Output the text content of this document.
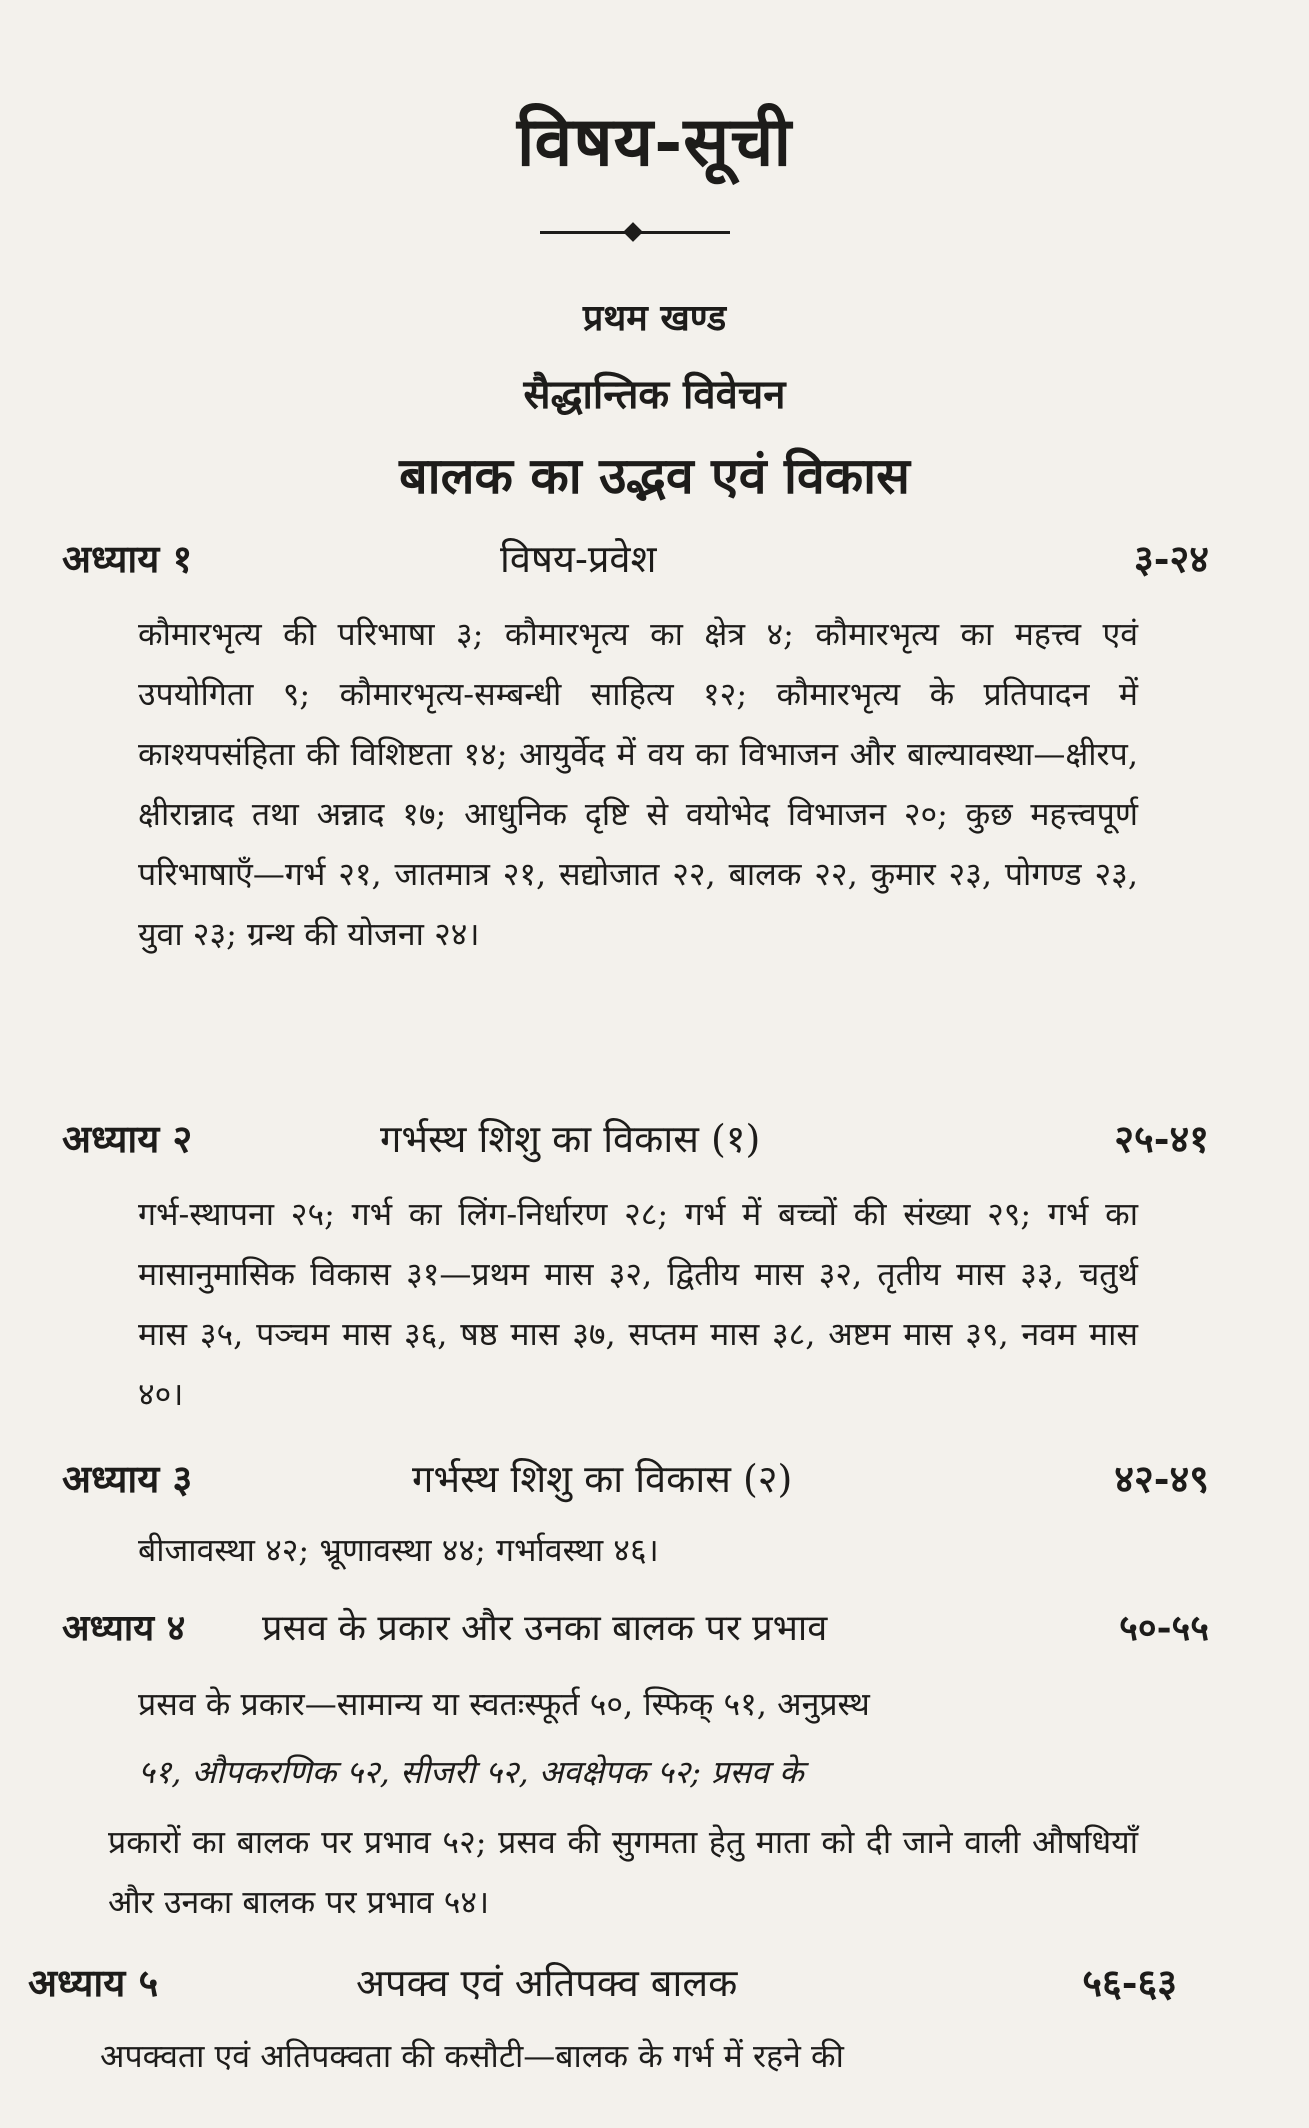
विषय-सूची
प्रथम खण्ड
सैद्धान्तिक विवेचन
बालक का उद्भव एवं विकास
अध्याय १	विषय-प्रवेश	३-२४
कौमारभृत्य की परिभाषा ३; कौमारभृत्य का क्षेत्र ४; कौमारभृत्य का महत्त्व एवं उपयोगिता ९; कौमारभृत्य-सम्बन्धी साहित्य १२; कौमारभृत्य के प्रतिपादन में काश्यपसंहिता की विशिष्टता १४; आयुर्वेद में वय का विभाजन और बाल्यावस्था—क्षीरप, क्षीरान्नाद तथा अन्नाद १७; आधुनिक दृष्टि से वयोभेद विभाजन २०; कुछ महत्त्वपूर्ण परिभाषाएँ—गर्भ २१, जातमात्र २१, सद्योजात २२, बालक २२, कुमार २३, पोगण्ड २३, युवा २३; ग्रन्थ की योजना २४।
अध्याय २	गर्भस्थ शिशु का विकास (१)	२५-४१
गर्भ-स्थापना २५; गर्भ का लिंग-निर्धारण २८; गर्भ में बच्चों की संख्या २९; गर्भ का मासानुमासिक विकास ३१—प्रथम मास ३२, द्वितीय मास ३२, तृतीय मास ३३, चतुर्थ मास ३५, पञ्चम मास ३६, षष्ठ मास ३७, सप्तम मास ३८, अष्टम मास ३९, नवम मास ४०।
अध्याय ३	गर्भस्थ शिशु का विकास (२)	४२-४९
बीजावस्था ४२; भ्रूणावस्था ४४; गर्भावस्था ४६।
अध्याय ४ प्रसव के प्रकार और उनका बालक पर प्रभाव	५०-५५
प्रसव के प्रकार—सामान्य या स्वतःस्फूर्त ५०, स्फिक् ५१, अनुप्रस्थ
५१, औपकरणिक ५२, सीजरी ५२, अवक्षेपक ५२; प्रसव के
प्रकारों का बालक पर प्रभाव ५२; प्रसव की सुगमता हेतु माता को दी जाने वाली औषधियाँ और उनका बालक पर प्रभाव ५४।
अध्याय ५	अपक्व एवं अतिपक्व बालक	५६-६३
अपक्वता एवं अतिपक्वता की कसौटी—बालक के गर्भ में रहने की
